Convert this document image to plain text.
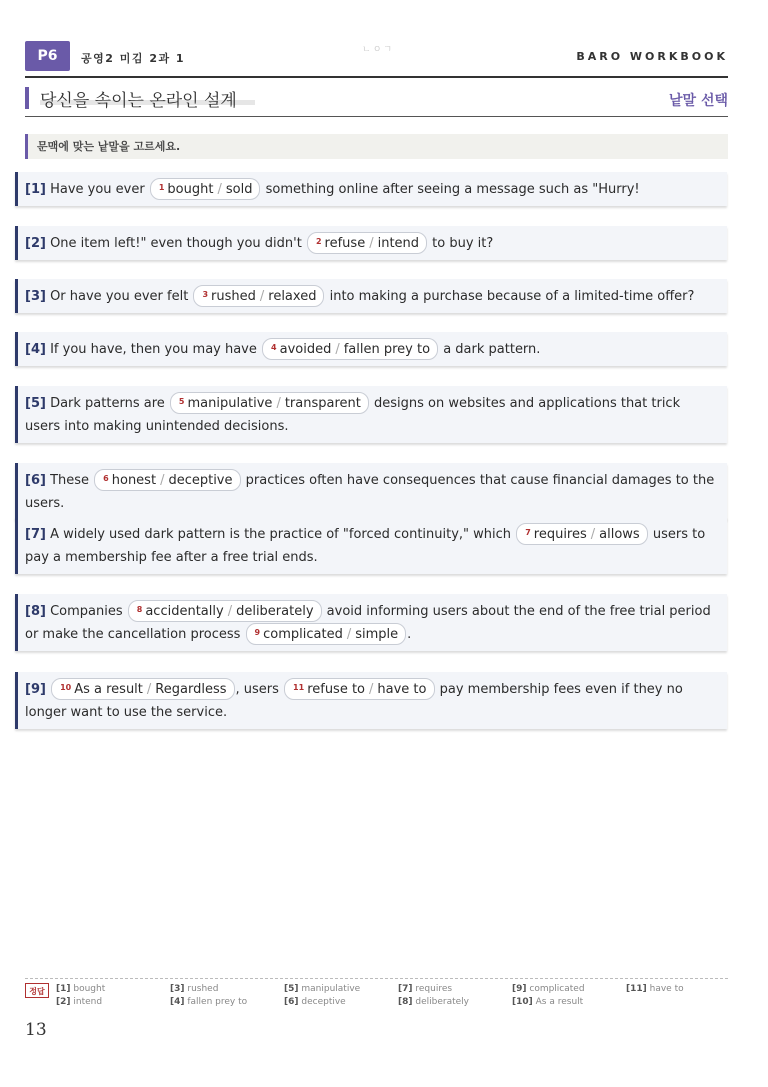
P6	공영2 미김 2과 1	BARO WORKBOOK
ㄴㅇㄱ
당신을 속이는 온라인 설계	낱말 선택
문맥에 맞는 낱말을 고르세요.
[1] Have you ever $^1$ bought / sold something online after seeing a message such as "Hurry!
[2] One item left!" even though you didn't $^2$ refuse / intend to buy it?
[3] Or have you ever felt $^3$ rushed / relaxed into making a purchase because of a limited-time offer?
[4] If you have, then you may have $^4$ avoided / fallen prey to a dark pattern.
[5] Dark patterns are $^5$ manipulative / transparent designs on websites and applications that trick users into making unintended decisions.
[6] These $^6$ honest / deceptive practices often have consequences that cause financial damages to the users.
[7] A widely used dark pattern is the practice of "forced continuity," which $^7$ requires / allows users to pay a membership fee after a free trial ends.
[8] Companies $^8$ accidentally / deliberately avoid informing users about the end of the free trial period or make the cancellation process $^9$ complicated / simple .
[9] $^{10}$ As a result / Regardless , users $^{11}$ refuse to / have to pay membership fees even if they no longer want to use the service.
정답	[1] bought
[2] intend
[3] rushed
[4] fallen prey to
[5] manipulative
[6] deceptive
[7] requires
[8] deliberately
[9] complicated
[10] As a result
[11] have to
13
